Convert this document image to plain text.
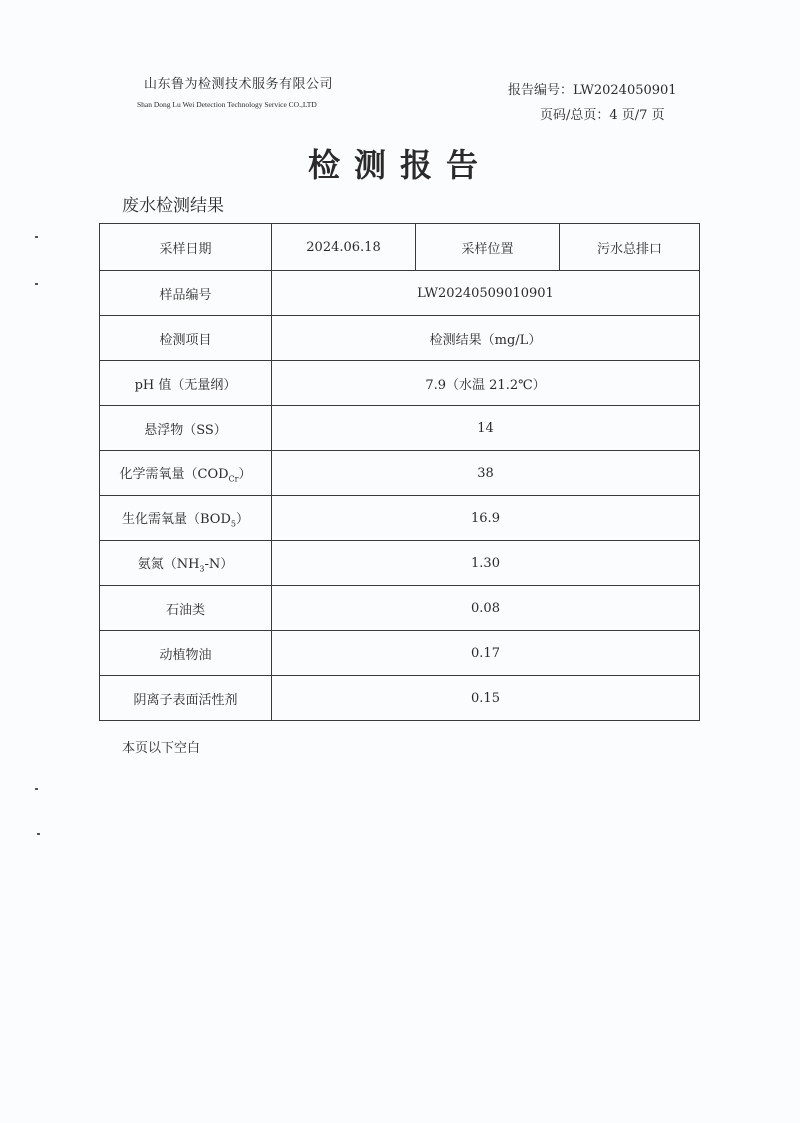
山东鲁为检测技术服务有限公司
Shan Dong Lu Wei Detection Technology Service CO.,LTD
报告编号：LW2024050901
页码/总页：4 页/7 页
检测报告
废水检测结果
采样日期	2024.06.18	采样位置	污水总排口
样品编号	LW20240509010901		
检测项目	检测结果（mg/L）		
pH 值（无量纲）	7.9（水温 21.2℃）		
悬浮物（SS）	14		
化学需氧量$(COD_{Cr})$	38		
生化需氧量$(BOD_5)$	16.9		
氨氮$(NH_3-N)$	1.30		
石油类	0.08		
动植物油	0.17		
阴离子表面活性剂	0.15		
本页以下空白
